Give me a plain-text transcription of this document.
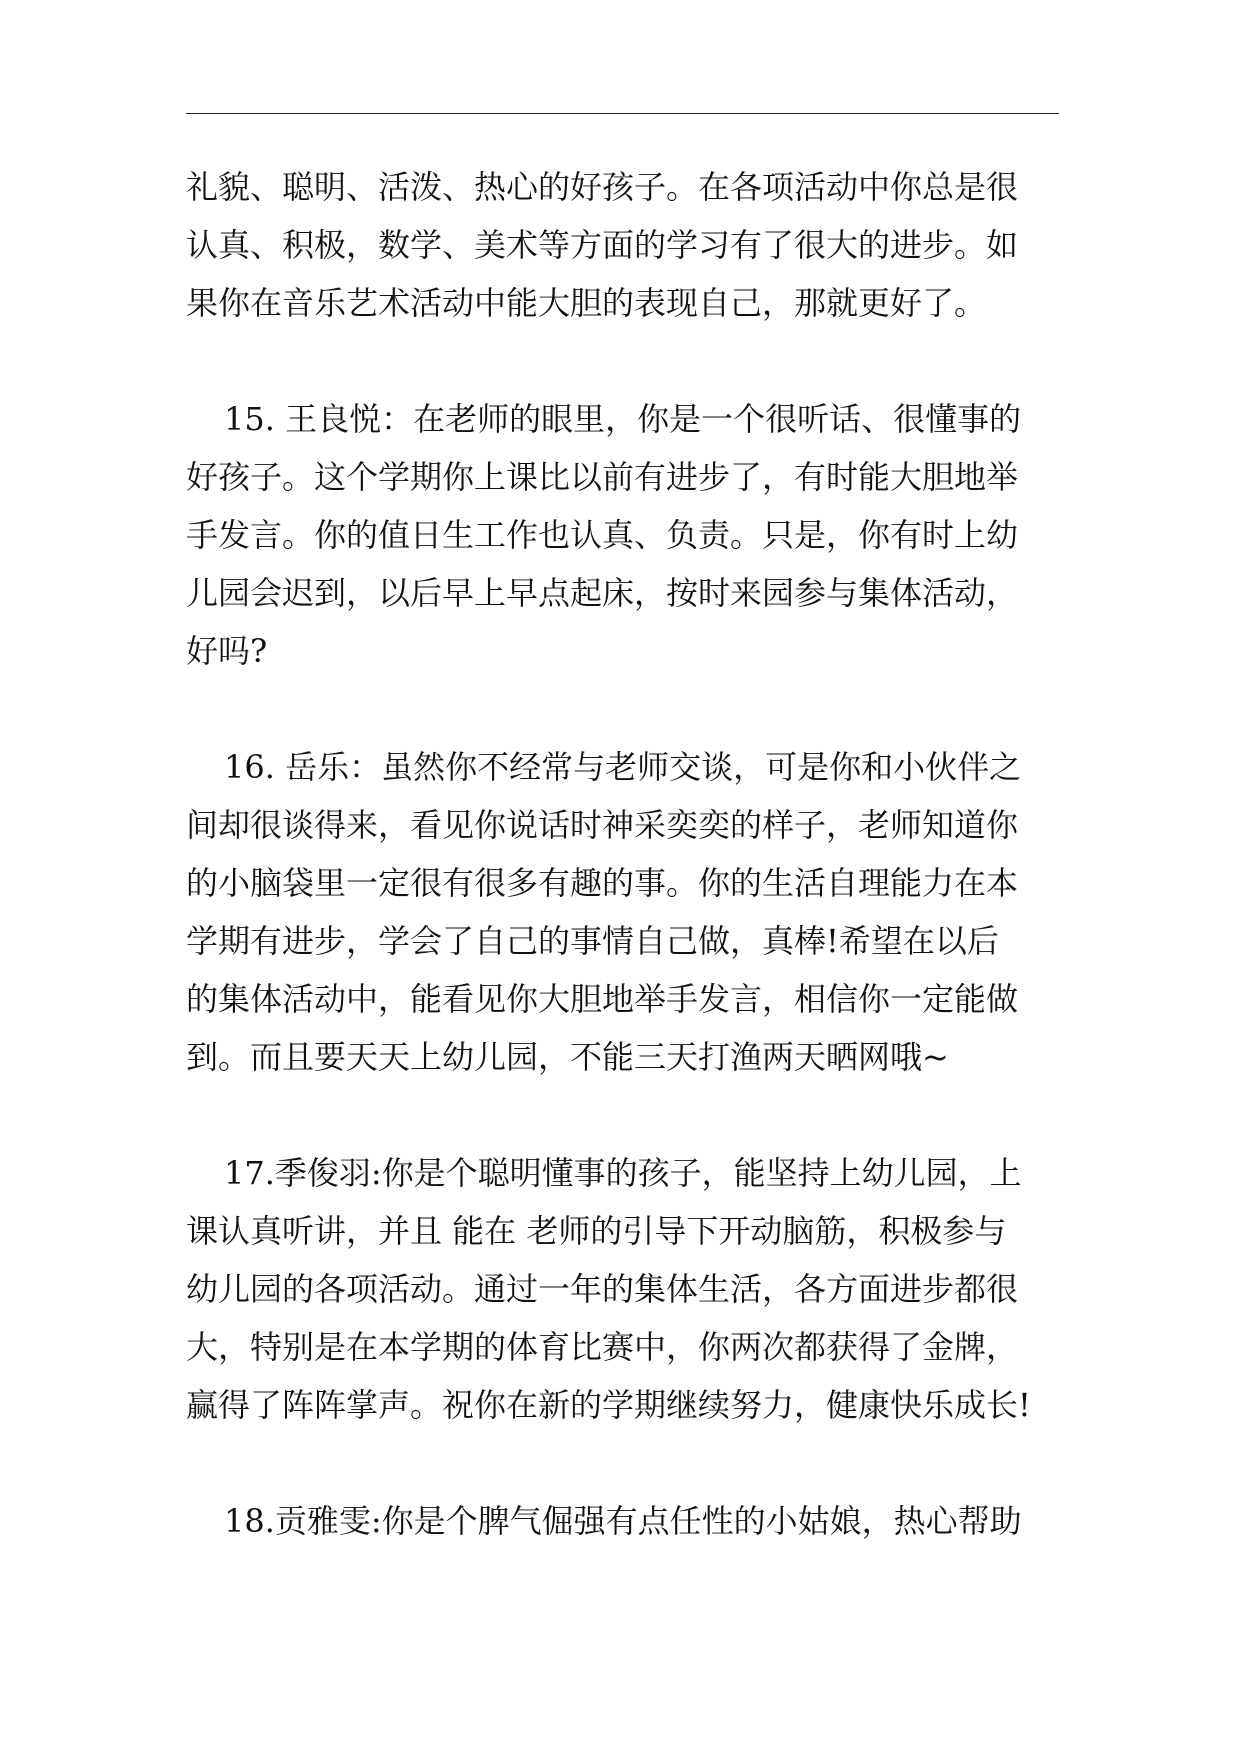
礼貌、聪明、活泼、热心的好孩子。在各项活动中你总是很
认真、积极，数学、美术等方面的学习有了很大的进步。如
果你在音乐艺术活动中能大胆的表现自己，那就更好了。
15. 王良悦：在老师的眼里，你是一个很听话、很懂事的
好孩子。这个学期你上课比以前有进步了，有时能大胆地举
手发言。你的值日生工作也认真、负责。只是，你有时上幼
儿园会迟到，以后早上早点起床，按时来园参与集体活动，
好吗?
16. 岳乐：虽然你不经常与老师交谈，可是你和小伙伴之
间却很谈得来，看见你说话时神采奕奕的样子，老师知道你
的小脑袋里一定很有很多有趣的事。你的生活自理能力在本
学期有进步，学会了自己的事情自己做，真棒!希望在以后
的集体活动中，能看见你大胆地举手发言，相信你一定能做
到。而且要天天上幼儿园，不能三天打渔两天晒网哦~
17.季俊羽:你是个聪明懂事的孩子，能坚持上幼儿园，上
课认真听讲，并且 能在 老师的引导下开动脑筋，积极参与
幼儿园的各项活动。通过一年的集体生活，各方面进步都很
大，特别是在本学期的体育比赛中，你两次都获得了金牌，
赢得了阵阵掌声。祝你在新的学期继续努力，健康快乐成长!
18.贡雅雯:你是个脾气倔强有点任性的小姑娘，热心帮助
